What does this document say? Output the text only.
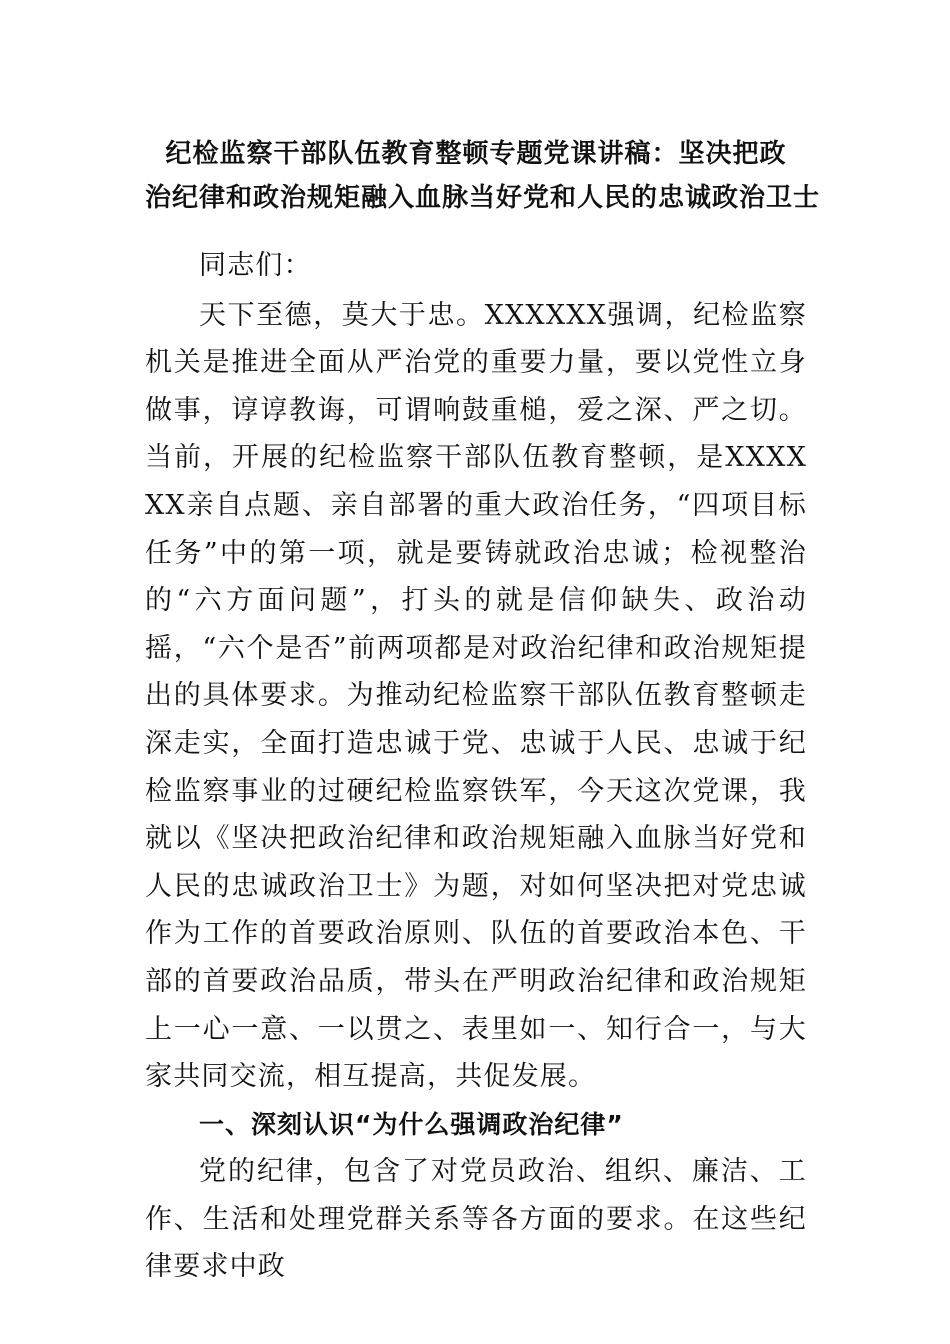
纪检监察干部队伍教育整顿专题党课讲稿：坚决把政
治纪律和政治规矩融入血脉当好党和人民的忠诚政治卫士

同志们：

天下至德，莫大于忠。XXXXXX强调，纪检监察机关是推进全面从严治党的重要力量，要以党性立身做事，谆谆教诲，可谓响鼓重槌，爱之深、严之切。当前，开展的纪检监察干部队伍教育整顿，是XXXXXX亲自点题、亲自部署的重大政治任务，“四项目标任务”中的第一项，就是要铸就政治忠诚；检视整治的“六方面问题”，打头的就是信仰缺失、政治动摇，“六个是否”前两项都是对政治纪律和政治规矩提出的具体要求。为推动纪检监察干部队伍教育整顿走深走实，全面打造忠诚于党、忠诚于人民、忠诚于纪检监察事业的过硬纪检监察铁军，今天这次党课，我就以《坚决把政治纪律和政治规矩融入血脉当好党和人民的忠诚政治卫士》为题，对如何坚决把对党忠诚作为工作的首要政治原则、队伍的首要政治本色、干部的首要政治品质，带头在严明政治纪律和政治规矩上一心一意、一以贯之、表里如一、知行合一，与大家共同交流，相互提高，共促发展。

一、深刻认识“为什么强调政治纪律”

党的纪律，包含了对党员政治、组织、廉洁、工作、生活和处理党群关系等各方面的要求。在这些纪律要求中政
